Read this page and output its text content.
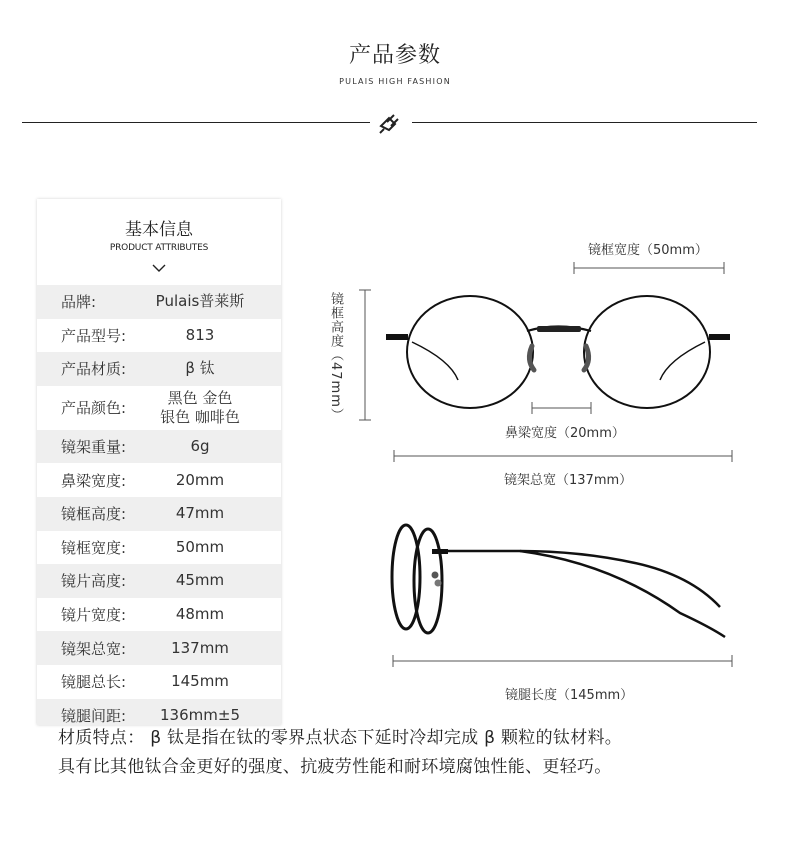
产品参数
PULAIS HIGH FASHION
基本信息
PRODUCT ATTRIBUTES
品牌:	Pulais普莱斯
产品型号:	813
产品材质:	β 钛
产品颜色:
黑色 金色
银色 咖啡色
镜架重量:	6g
鼻梁宽度:	20mm
镜框高度:	47mm
镜框宽度:	50mm
镜片高度:	45mm
镜片宽度:	48mm
镜架总宽:	137mm
镜腿总长:	145mm
镜腿间距:	136mm±5
镜框宽度（50mm）
镜框高度（47mm）
鼻梁宽度（20mm）
镜架总宽（137mm）
镜腿长度（145mm）
材质特点： β 钛是指在钛的零界点状态下延时冷却完成 β 颗粒的钛材料。
具有比其他钛合金更好的强度、抗疲劳性能和耐环境腐蚀性能、更轻巧。
